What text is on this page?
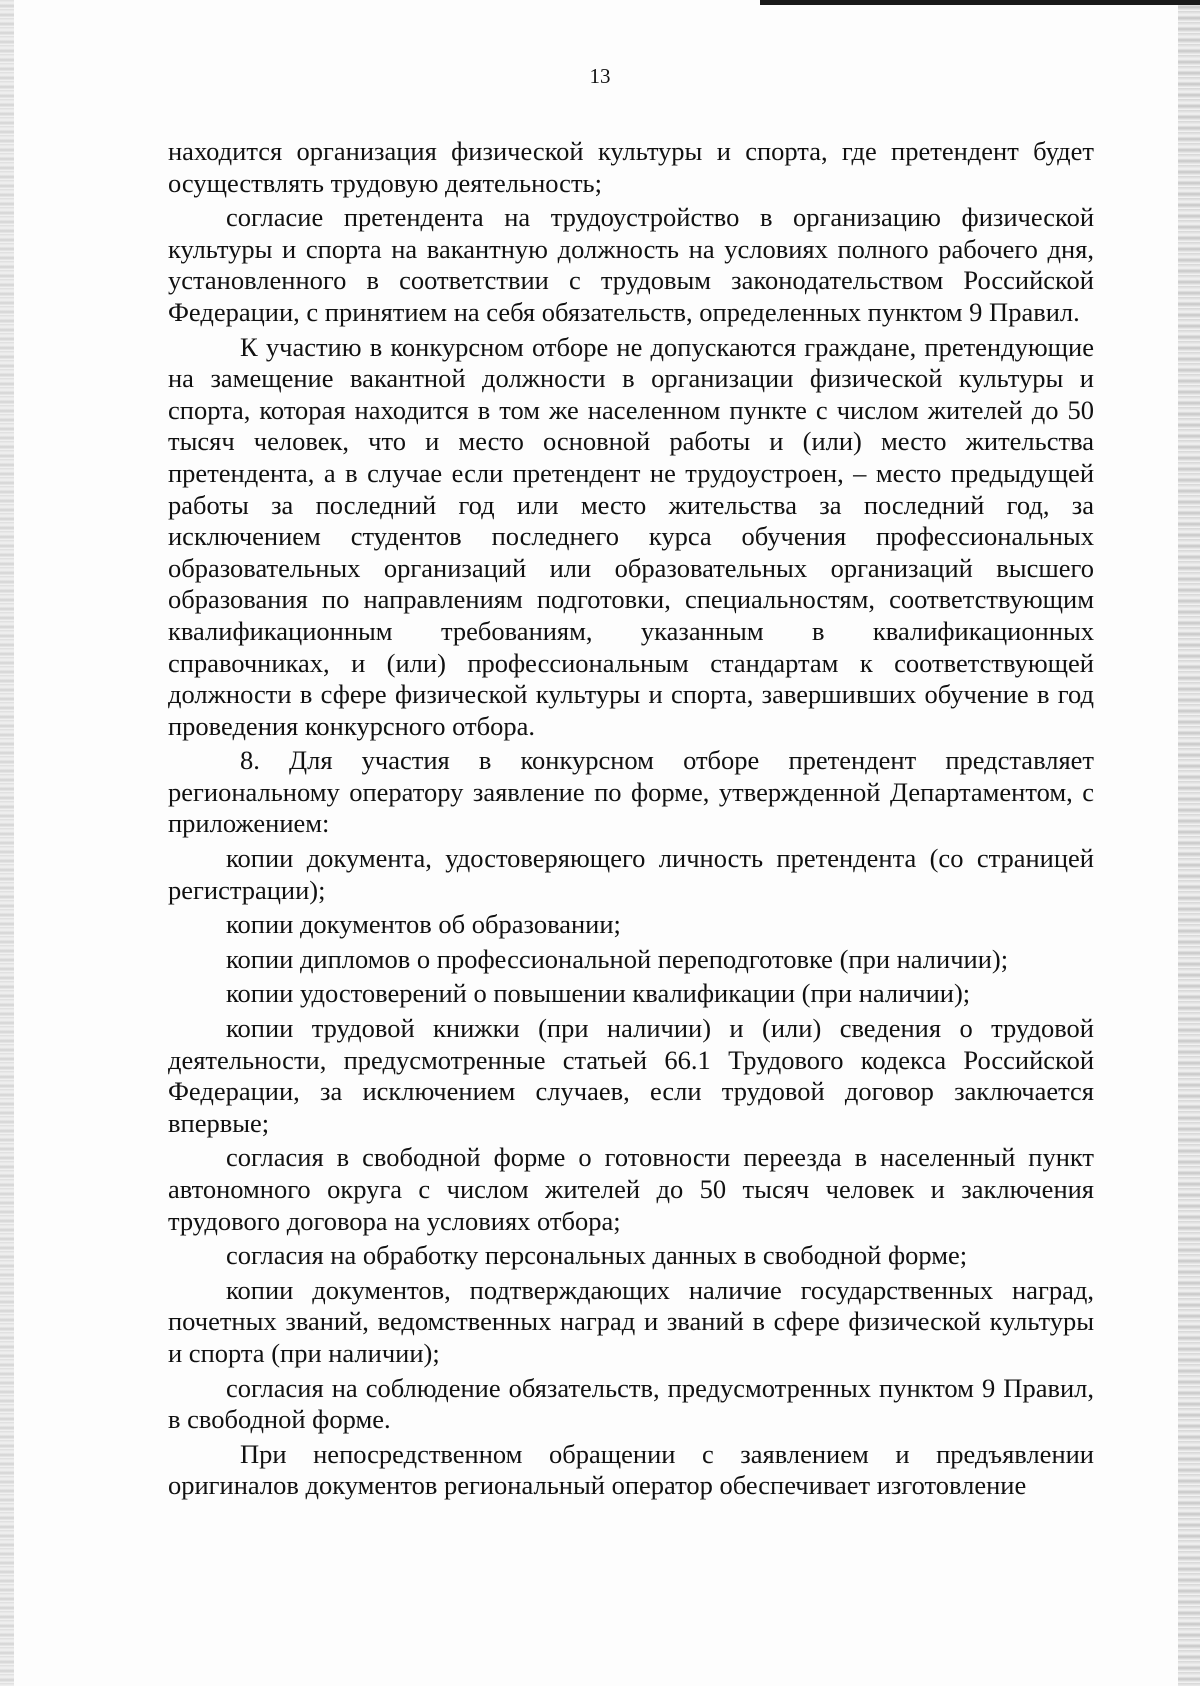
13

находится организация физической культуры и спорта, где претендент будет осуществлять трудовую деятельность;

согласие претендента на трудоустройство в организацию физической культуры и спорта на вакантную должность на условиях полного рабочего дня, установленного в соответствии с трудовым законодательством Российской Федерации, с принятием на себя обязательств, определенных пунктом 9 Правил.

К участию в конкурсном отборе не допускаются граждане, претендующие на замещение вакантной должности в организации физической культуры и спорта, которая находится в том же населенном пункте с числом жителей до 50 тысяч человек, что и место основной работы и (или) место жительства претендента, а в случае если претендент не трудоустроен, – место предыдущей работы за последний год или место жительства за последний год, за исключением студентов последнего курса обучения профессиональных образовательных организаций или образовательных организаций высшего образования по направлениям подготовки, специальностям, соответствующим квалификационным требованиям, указанным в квалификационных справочниках, и (или) профессиональным стандартам к соответствующей должности в сфере физической культуры и спорта, завершивших обучение в год проведения конкурсного отбора.

8. Для участия в конкурсном отборе претендент представляет региональному оператору заявление по форме, утвержденной Департаментом, с приложением:

копии документа, удостоверяющего личность претендента (со страницей регистрации);

копии документов об образовании;

копии дипломов о профессиональной переподготовке (при наличии);

копии удостоверений о повышении квалификации (при наличии);

копии трудовой книжки (при наличии) и (или) сведения о трудовой деятельности, предусмотренные статьей 66.1 Трудового кодекса Российской Федерации, за исключением случаев, если трудовой договор заключается впервые;

согласия в свободной форме о готовности переезда в населенный пункт автономного округа с числом жителей до 50 тысяч человек и заключения трудового договора на условиях отбора;

согласия на обработку персональных данных в свободной форме;

копии документов, подтверждающих наличие государственных наград, почетных званий, ведомственных наград и званий в сфере физической культуры и спорта (при наличии);

согласия на соблюдение обязательств, предусмотренных пунктом 9 Правил, в свободной форме.

При непосредственном обращении с заявлением и предъявлении оригиналов документов региональный оператор обеспечивает изготовление
